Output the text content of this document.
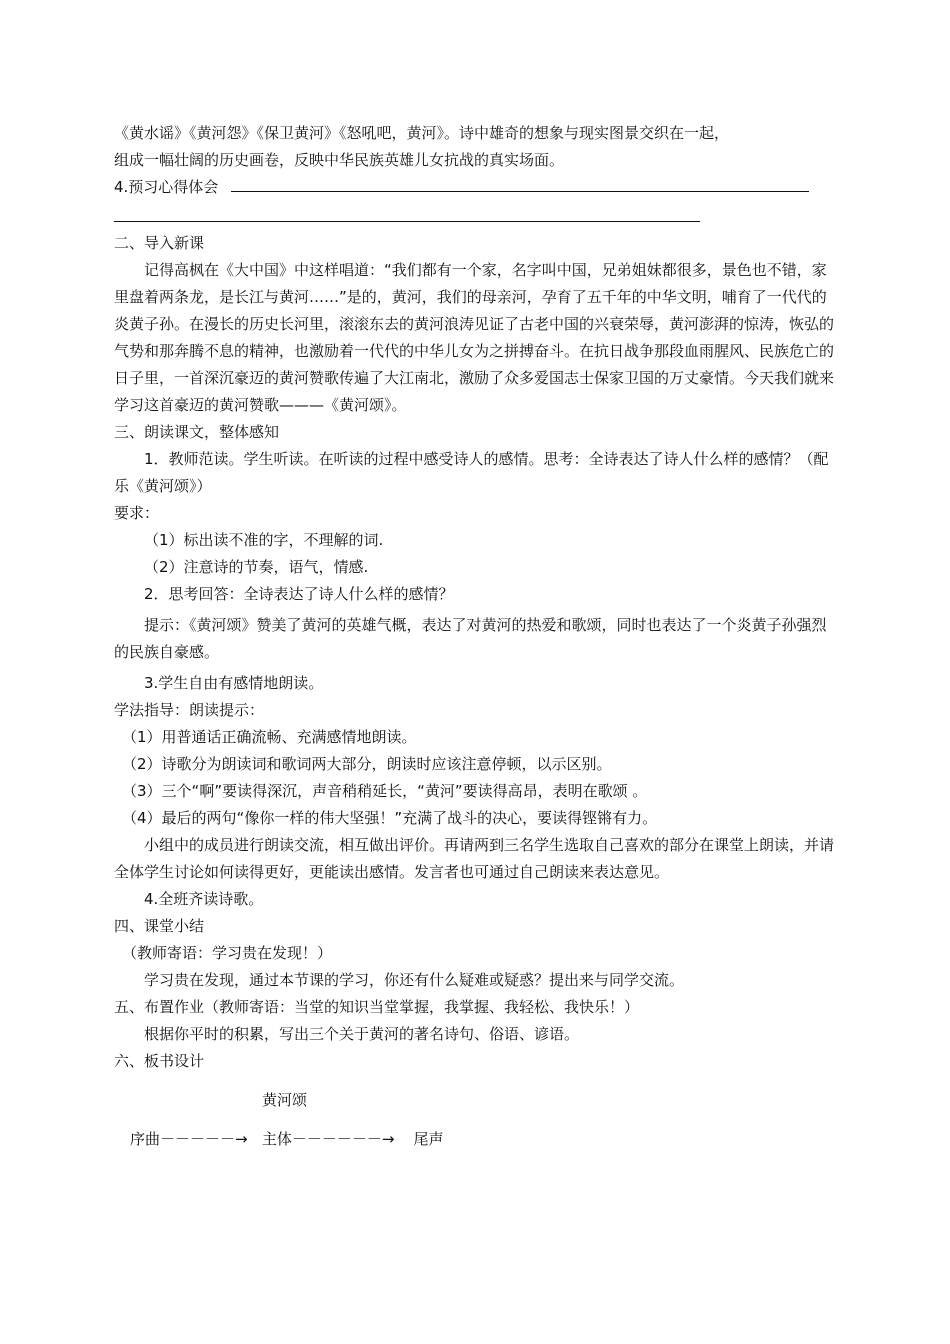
《黄水谣》《黄河怨》《保卫黄河》《怒吼吧，黄河》。诗中雄奇的想象与现实图景交织在一起，

组成一幅壮阔的历史画卷，反映中华民族英雄儿女抗战的真实场面。

4.预习心得体会

二、导入新课

记得高枫在《大中国》中这样唱道：“我们都有一个家，名字叫中国，兄弟姐妹都很多，景色也不错，家里盘着两条龙，是长江与黄河……”是的，黄河，我们的母亲河，孕育了五千年的中华文明，哺育了一代代的炎黄子孙。在漫长的历史长河里，滚滚东去的黄河浪涛见证了古老中国的兴衰荣辱，黄河澎湃的惊涛，恢弘的气势和那奔腾不息的精神，也激励着一代代的中华儿女为之拼搏奋斗。在抗日战争那段血雨腥风、民族危亡的日子里，一首深沉豪迈的黄河赞歌传遍了大江南北，激励了众多爱国志士保家卫国的万丈豪情。今天我们就来学习这首豪迈的黄河赞歌———《黄河颂》。

三、朗读课文，整体感知

1．教师范读。学生听读。在听读的过程中感受诗人的感情。思考：全诗表达了诗人什么样的感情？（配乐《黄河颂》）

要求：

（1）标出读不准的字，不理解的词.

（2）注意诗的节奏，语气，情感.

2．思考回答：全诗表达了诗人什么样的感情？

提示：《黄河颂》赞美了黄河的英雄气概，表达了对黄河的热爱和歌颂，同时也表达了一个炎黄子孙强烈的民族自豪感。

3.学生自由有感情地朗读。

学法指导：朗读提示：

（1）用普通话正确流畅、充满感情地朗读。

（2）诗歌分为朗读词和歌词两大部分，朗读时应该注意停顿，以示区别。

（3）三个“啊”要读得深沉，声音稍稍延长，“黄河”要读得高昂，表明在歌颂 。

（4）最后的两句“像你一样的伟大坚强！”充满了战斗的决心，要读得铿锵有力。

小组中的成员进行朗读交流，相互做出评价。再请两到三名学生选取自己喜欢的部分在课堂上朗读，并请全体学生讨论如何读得更好，更能读出感情。发言者也可通过自己朗读来表达意见。

4.全班齐读诗歌。

四、课堂小结

（教师寄语：学习贵在发现！）

学习贵在发现，通过本节课的学习，你还有什么疑难或疑惑？提出来与同学交流。

五、布置作业（教师寄语：当堂的知识当堂掌握，我掌握、我轻松、我快乐！）

根据你平时的积累，写出三个关于黄河的著名诗句、俗语、谚语。

六、板书设计

黄河颂

序曲－－－－－→   主体－－－－－－→    尾声
